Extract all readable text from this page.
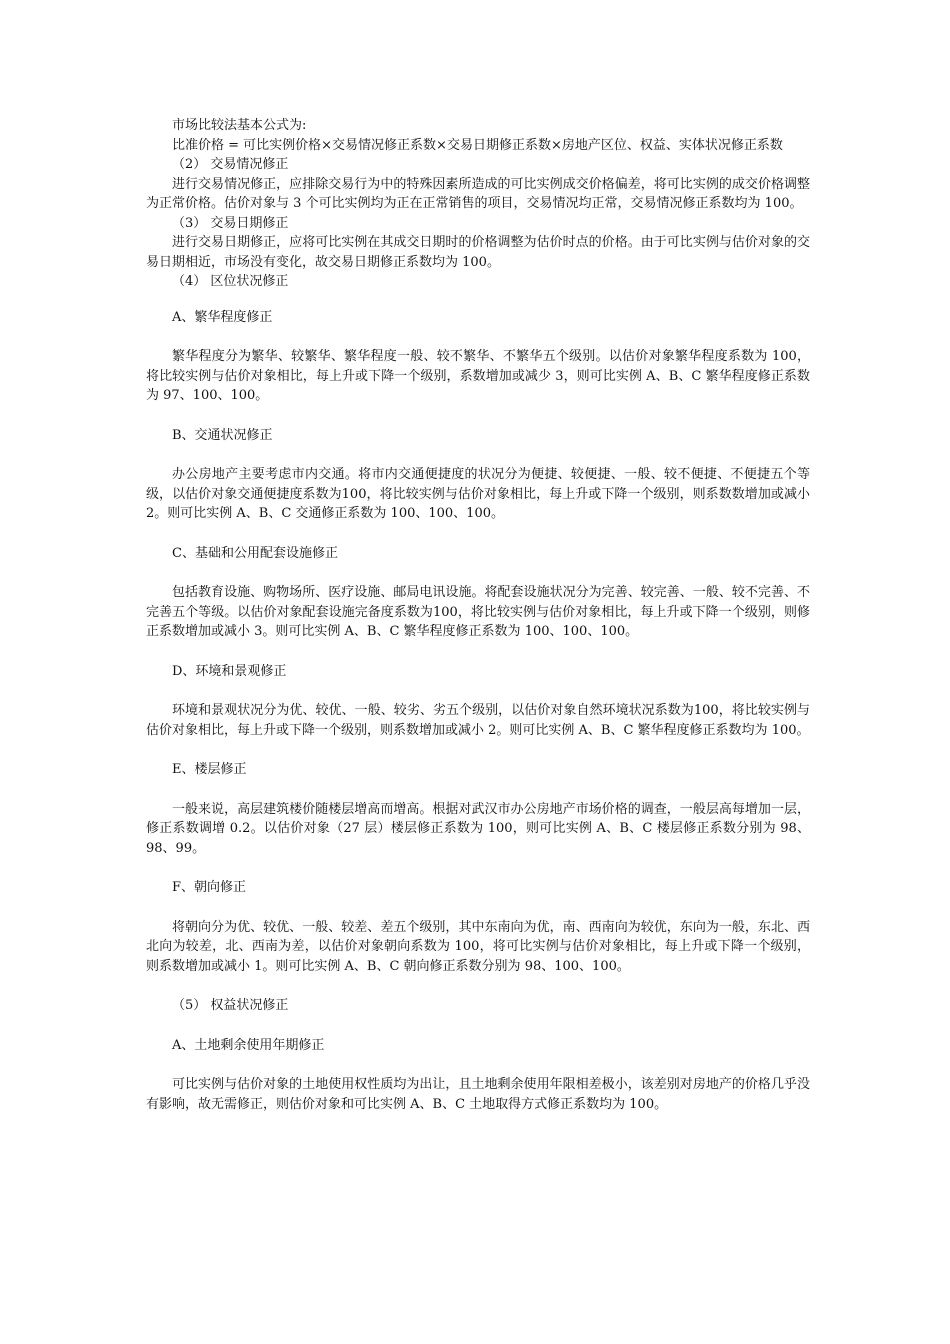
市场比较法基本公式为:

比准价格 = 可比实例价格×交易情况修正系数×交易日期修正系数×房地产区位、权益、实体状况修正系数

（2） 交易情况修正

进行交易情况修正，应排除交易行为中的特殊因素所造成的可比实例成交价格偏差，将可比实例的成交价格调整为正常价格。估价对象与 3 个可比实例均为正在正常销售的项目，交易情况均正常，交易情况修正系数均为 100。

（3） 交易日期修正

进行交易日期修正，应将可比实例在其成交日期时的价格调整为估价时点的价格。由于可比实例与估价对象的交易日期相近，市场没有变化，故交易日期修正系数均为 100。

（4） 区位状况修正

A、繁华程度修正

繁华程度分为繁华、较繁华、繁华程度一般、较不繁华、不繁华五个级别。以估价对象繁华程度系数为 100，将比较实例与估价对象相比，每上升或下降一个级别，系数增加或减少 3，则可比实例 A、B、C 繁华程度修正系数为 97、100、100。

B、交通状况修正

办公房地产主要考虑市内交通。将市内交通便捷度的状况分为便捷、较便捷、一般、较不便捷、不便捷五个等级，以估价对象交通便捷度系数为100，将比较实例与估价对象相比，每上升或下降一个级别，则系数数增加或减小 2。则可比实例 A、B、C 交通修正系数为 100、100、100。

C、基础和公用配套设施修正

包括教育设施、购物场所、医疗设施、邮局电讯设施。将配套设施状况分为完善、较完善、一般、较不完善、不完善五个等级。以估价对象配套设施完备度系数为100，将比较实例与估价对象相比，每上升或下降一个级别，则修正系数增加或减小 3。则可比实例 A、B、C 繁华程度修正系数为 100、100、100。

D、环境和景观修正

环境和景观状况分为优、较优、一般、较劣、劣五个级别，以估价对象自然环境状况系数为100，将比较实例与估价对象相比，每上升或下降一个级别，则系数增加或减小 2。则可比实例 A、B、C 繁华程度修正系数均为 100。

E、楼层修正

一般来说，高层建筑楼价随楼层增高而增高。根据对武汉市办公房地产市场价格的调查，一般层高每增加一层，修正系数调增 0.2。以估价对象（27 层）楼层修正系数为 100，则可比实例 A、B、C 楼层修正系数分别为 98、98、99。

F、朝向修正

将朝向分为优、较优、一般、较差、差五个级别，其中东南向为优，南、西南向为较优，东向为一般，东北、西北向为较差，北、西南为差，以估价对象朝向系数为 100，将可比实例与估价对象相比，每上升或下降一个级别，则系数增加或减小 1。则可比实例 A、B、C 朝向修正系数分别为 98、100、100。

（5） 权益状况修正

A、土地剩余使用年期修正

可比实例与估价对象的土地使用权性质均为出让，且土地剩余使用年限相差极小，该差别对房地产的价格几乎没有影响，故无需修正，则估价对象和可比实例 A、B、C 土地取得方式修正系数均为 100。
